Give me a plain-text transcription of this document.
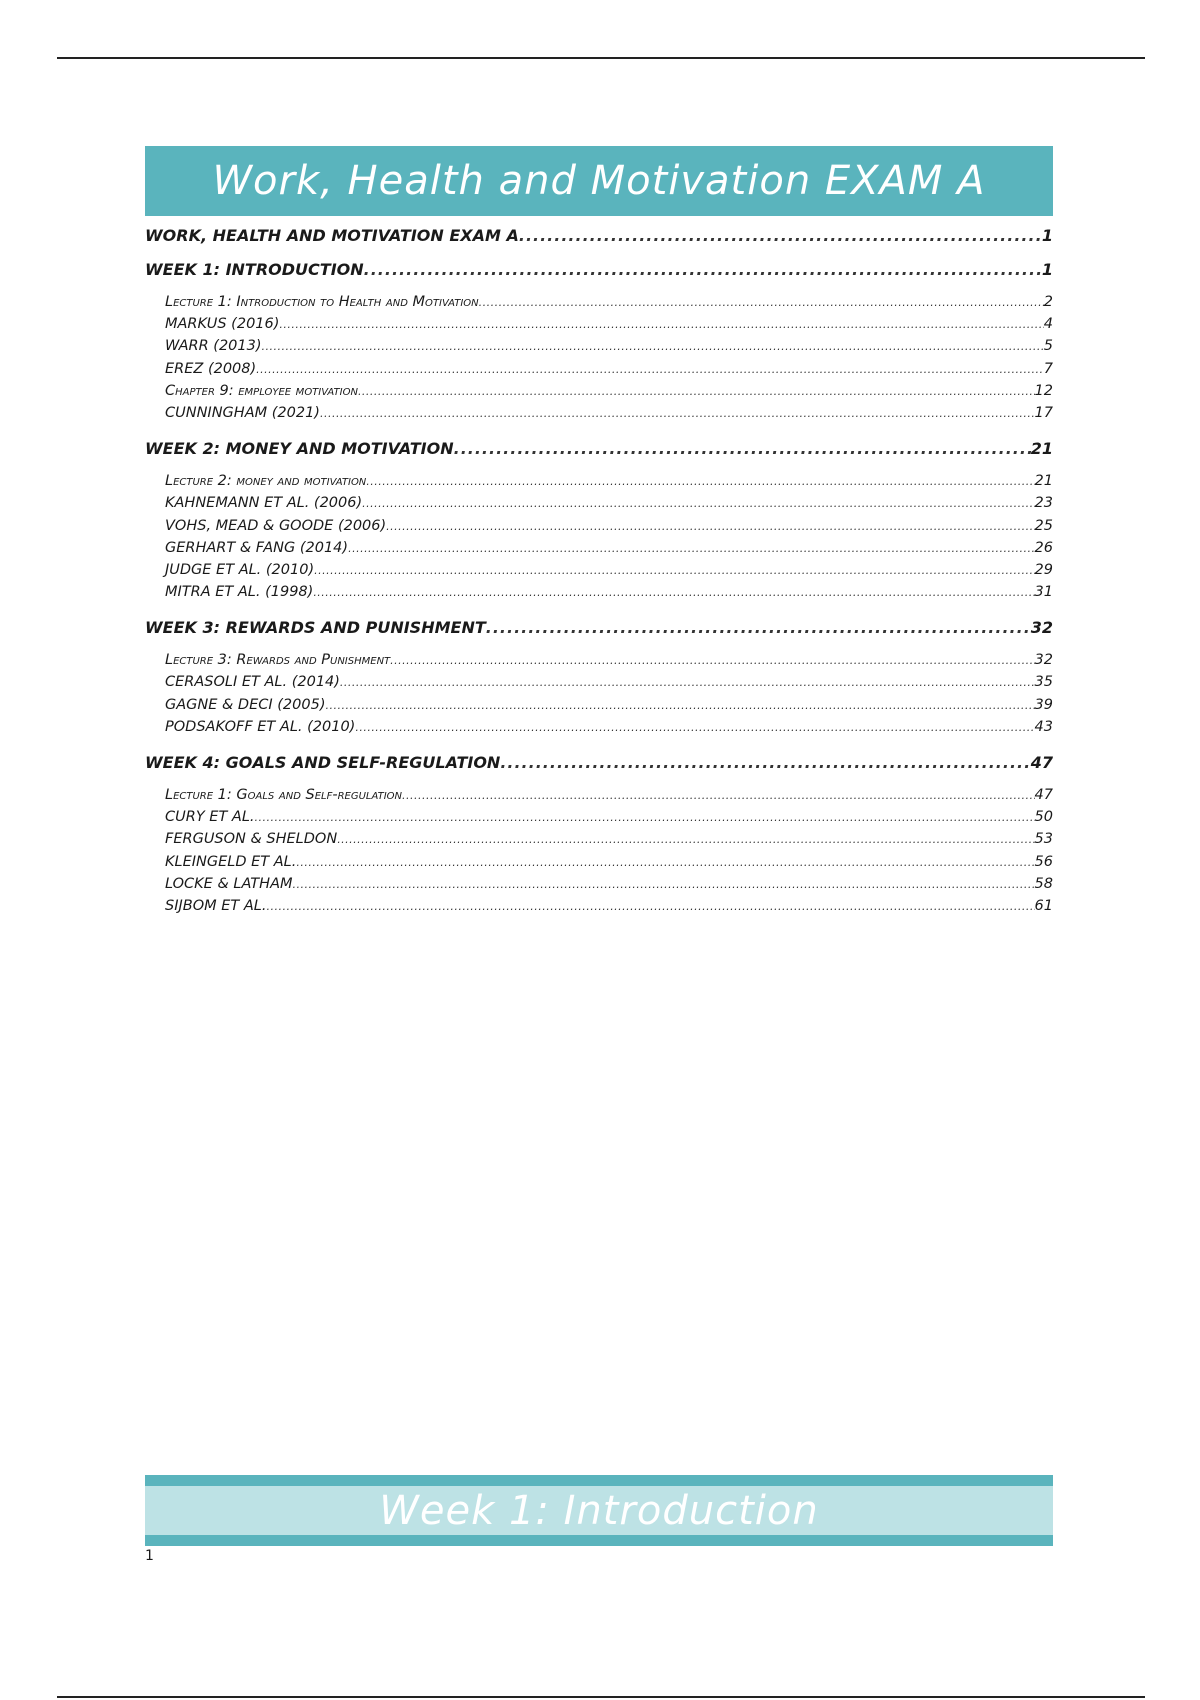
Work, Health and Motivation EXAM A
WORK, HEALTH AND MOTIVATION EXAM A .....	1
WEEK 1: INTRODUCTION .....	1
Lecture 1: Introduction to Health and Motivation .....	2
MARKUS (2016) .....	4
WARR (2013) .....	5
EREZ (2008) .....	7
Chapter 9: employee motivation .....	12
CUNNINGHAM (2021) .....	17
WEEK 2: MONEY AND MOTIVATION .....	21
Lecture 2: money and motivation .....	21
KAHNEMANN ET AL. (2006) .....	23
VOHS, MEAD & GOODE (2006) .....	25
GERHART & FANG (2014) .....	26
JUDGE ET AL. (2010) .....	29
MITRA ET AL. (1998) .....	31
WEEK 3: REWARDS AND PUNISHMENT .....	32
Lecture 3: Rewards and Punishment .....	32
CERASOLI ET AL. (2014) .....	35
GAGNE & DECI (2005) .....	39
PODSAKOFF ET AL. (2010) .....	43
WEEK 4: GOALS AND SELF-REGULATION .....	47
Lecture 1: Goals and Self-regulation .....	47
CURY ET AL. .....	50
FERGUSON & SHELDON .....	53
KLEINGELD ET AL. .....	56
LOCKE & LATHAM .....	58
SIJBOM ET AL. .....	61
Week 1: Introduction
1
